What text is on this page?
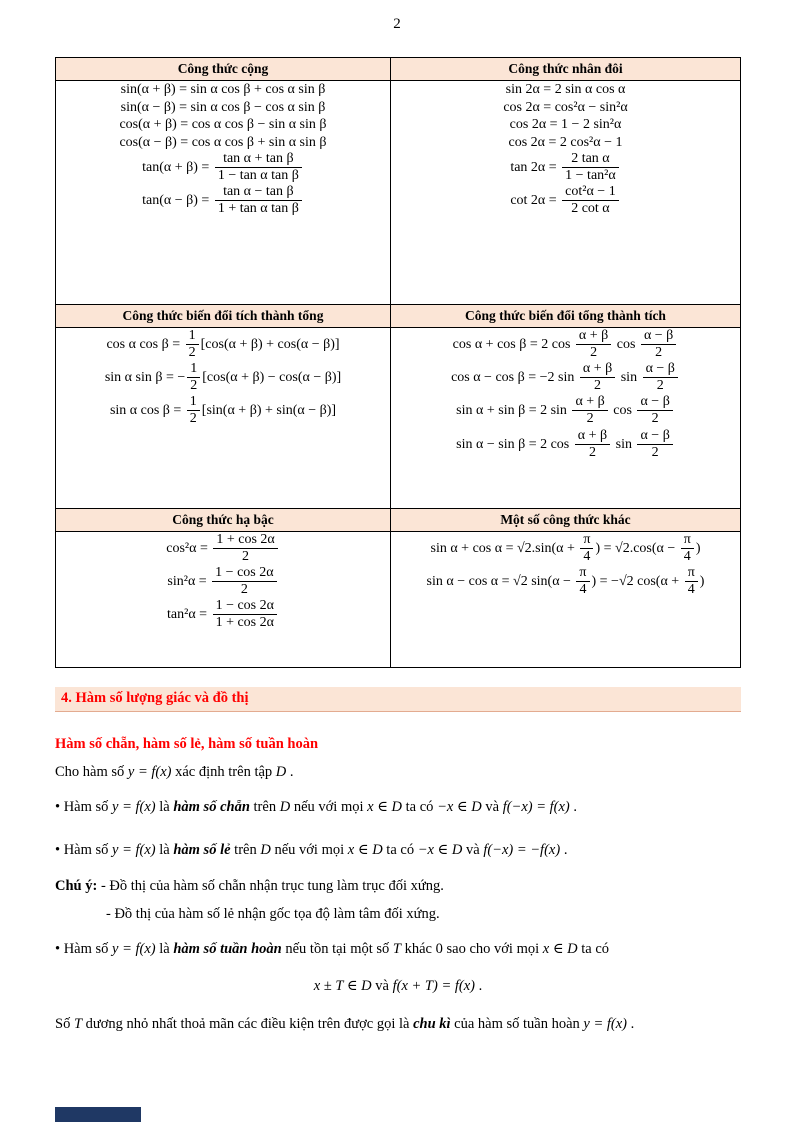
2
Công thức cộng	Công thức nhân đôi

sin(α + β) = sin α cos β + cos α sin β
sin(α − β) = sin α cos β − cos α sin β
cos(α + β) = cos α cos β − sin α sin β
cos(α − β) = cos α cos β + sin α sin β
$\tan(\alpha + \beta) = \frac{\text{tan α + tan β}}{\text{1 − tan α tan β}}$
$\tan(\alpha - \beta) = \frac{\text{tan α − tan β}}{\text{1 + tan α tan β}}$

sin 2α = 2 sin α cos α
cos 2α = cos²α − sin²α
cos 2α = 1 − 2 sin²α
cos 2α = 2 cos²α − 1
$\tan 2\alpha = \frac{\text{2 tan α}}{\text{1 − tan²α}}$
$\cot 2\alpha = \frac{\text{cot²α − 1}}{\text{2 cot α}}$

Công thức biến đổi tích thành tổng	Công thức biến đổi tổng thành tích

cos α $\cos \beta = \frac{1}{2} [\cos(\alpha + \beta) + \cos(\alpha - \beta)]$
sin α sin β = − $\frac{1}{2} [\cos(\alpha + \beta) - \cos(\alpha - \beta)]$
sin α $\cos \beta = \frac{1}{2} [\sin(\alpha + \beta) + \sin(\alpha - \beta)]$

cos α + cos β = 2 $\cos \frac{\alpha + \beta}{2}$ $\cos \frac{\alpha - \beta}{2}$
cos α − cos β = −2 $\sin \frac{\alpha + \beta}{2}$ $\sin \frac{\alpha - \beta}{2}$
sin α + sin β = 2 $\sin \frac{\alpha + \beta}{2}$ $\cos \frac{\alpha - \beta}{2}$
sin α − sin β = 2 $\cos \frac{\alpha + \beta}{2}$ $\sin \frac{\alpha - \beta}{2}$

Công thức hạ bậc	Một số công thức khác

$\cos^2\alpha = \frac{1 + \cos 2\alpha}{2}$
$\sin^2\alpha = \frac{1 - \cos 2\alpha}{2}$
$\tan^2\alpha = \frac{1 - \cos 2\alpha}{1 + \cos 2\alpha}$

$\sin \alpha + \cos \alpha = √2.\sin(\alpha + \frac{\pi}{4}$ ) = $√2.\cos(\alpha - \frac{\pi}{4}$ )
sin α − cos α = √2 $\sin(\alpha - \frac{\pi}{4}$ ) = −√2 $\cos(\alpha + \frac{\pi}{4}$ )
4. Hàm số lượng giác và đồ thị
Hàm số chẵn, hàm số lẻ, hàm số tuần hoàn
Cho hàm số y = f(x) xác định trên tập D .
• Hàm số y = f(x) là hàm số chẵn trên D nếu với mọi x ∈ D ta có −x ∈ D và f(−x) = f(x) .
• Hàm số y = f(x) là hàm số lẻ trên D nếu với mọi x ∈ D ta có −x ∈ D và f(−x) = −f(x) .
Chú ý: - Đồ thị của hàm số chẵn nhận trục tung làm trục đối xứng.
- Đồ thị của hàm số lẻ nhận gốc tọa độ làm tâm đối xứng.
• Hàm số y = f(x) là hàm số tuần hoàn nếu tồn tại một số T khác 0 sao cho với mọi x ∈ D ta có
x ± T ∈ D và f(x + T) = f(x) .
Số T dương nhỏ nhất thoả mãn các điều kiện trên được gọi là chu kì của hàm số tuần hoàn y = f(x) .
